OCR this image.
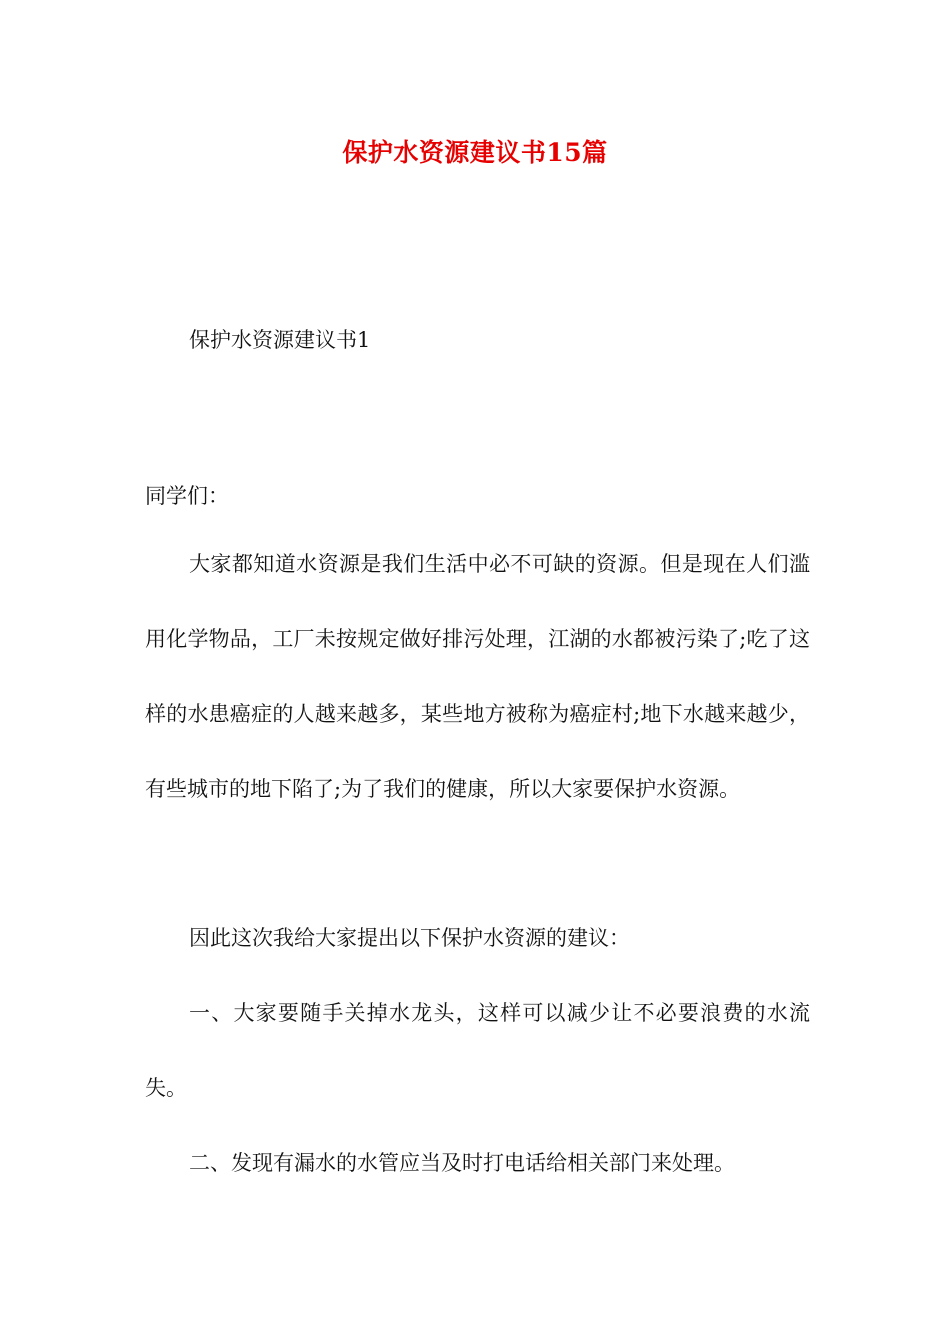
保护水资源建议书15篇

保护水资源建议书1

同学们：

大家都知道水资源是我们生活中必不可缺的资源。但是现在人们滥用化学物品，工厂未按规定做好排污处理，江湖的水都被污染了;吃了这样的水患癌症的人越来越多，某些地方被称为癌症村;地下水越来越少，有些城市的地下陷了;为了我们的健康，所以大家要保护水资源。

因此这次我给大家提出以下保护水资源的建议：

一、大家要随手关掉水龙头，这样可以减少让不必要浪费的水流失。

二、发现有漏水的水管应当及时打电话给相关部门来处理。
